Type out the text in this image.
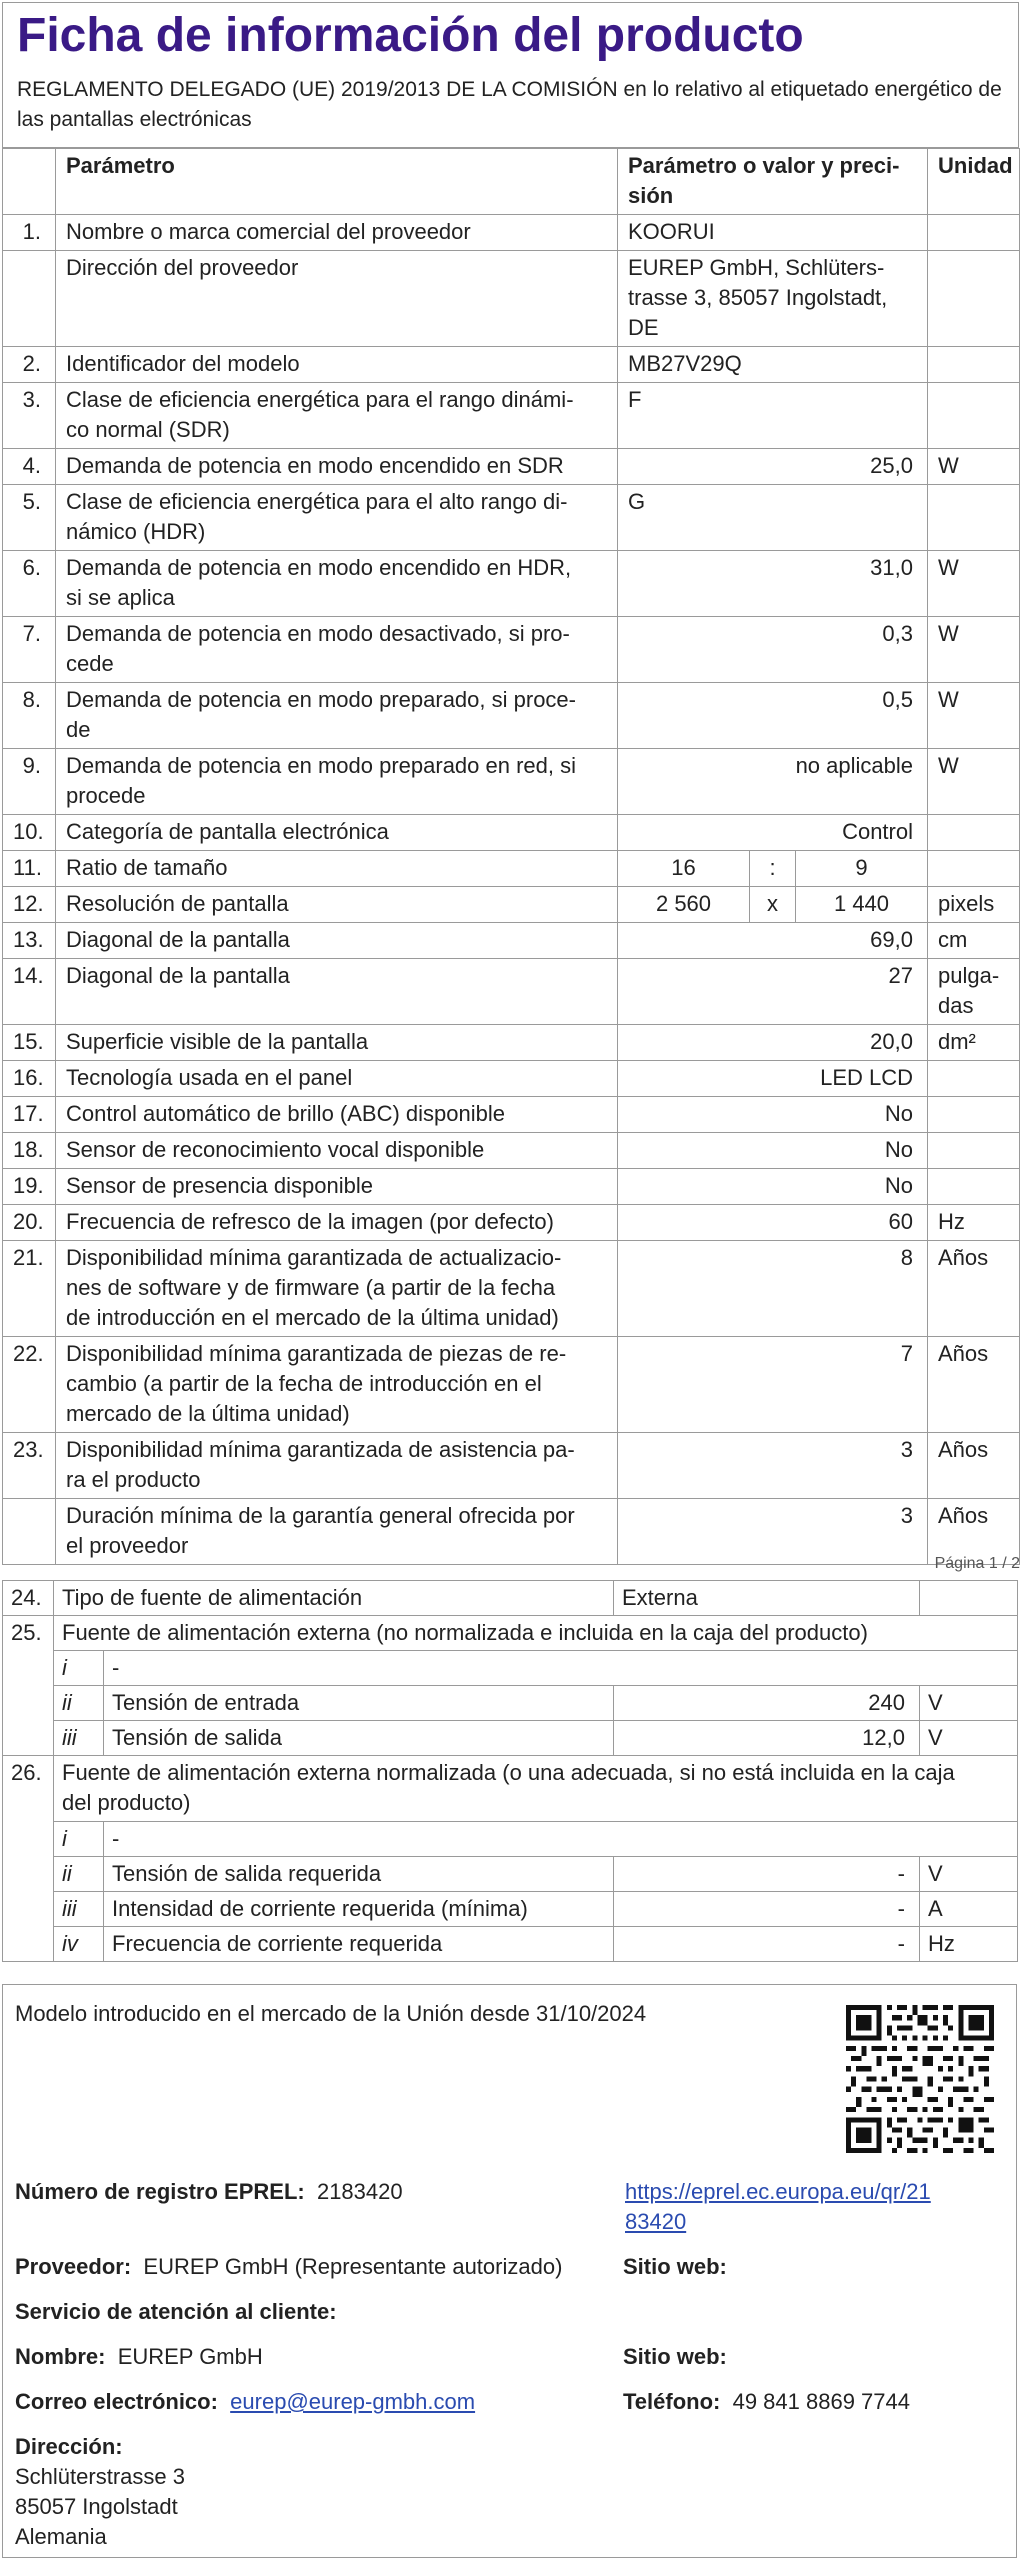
Ficha de información del producto

REGLAMENTO DELEGADO (UE) 2019/2013 DE LA COMISIÓN en lo relativo al etiquetado energético de las pantallas electrónicas

	Parámetro	Parámetro o valor y preci-
sión			Unidad
1.	Nombre o marca comercial del proveedor	KOORUI			
	Dirección del proveedor	EUREP GmbH, Schlüters-
trasse 3, 85057 Ingolstadt,
DE			
2.	Identificador del modelo	MB27V29Q			
3.	Clase de eficiencia energética para el rango dinámi-
co normal (SDR)	F			
4.	Demanda de potencia en modo encendido en SDR	25,0			W
5.	Clase de eficiencia energética para el alto rango di-
námico (HDR)	G			
6.	Demanda de potencia en modo encendido en HDR,
si se aplica	31,0			W
7.	Demanda de potencia en modo desactivado, si pro-
cede	0,3			W
8.	Demanda de potencia en modo preparado, si proce-
de	0,5			W
9.	Demanda de potencia en modo preparado en red, si
procede	no aplicable			W
10.	Categoría de pantalla electrónica	Control			
11.	Ratio de tamaño	16	:	9	
12.	Resolución de pantalla	2 560	x	1 440	pixels
13.	Diagonal de la pantalla	69,0			cm
14.	Diagonal de la pantalla	27			pulga-
das
15.	Superficie visible de la pantalla	20,0			dm²
16.	Tecnología usada en el panel	LED LCD			
17.	Control automático de brillo (ABC) disponible	No			
18.	Sensor de reconocimiento vocal disponible	No			
19.	Sensor de presencia disponible	No			
20.	Frecuencia de refresco de la imagen (por defecto)	60			Hz
21.	Disponibilidad mínima garantizada de actualizacio-
nes de software y de firmware (a partir de la fecha
de introducción en el mercado de la última unidad)	8			Años
22.	Disponibilidad mínima garantizada de piezas de re-
cambio (a partir de la fecha de introducción en el
mercado de la última unidad)	7			Años
23.	Disponibilidad mínima garantizada de asistencia pa-
ra el producto	3			Años
	Duración mínima de la garantía general ofrecida por
el proveedor	3			Años
Página 1 / 2
24.	Tipo de fuente de alimentación		Externa	
25.	Fuente de alimentación externa (no normalizada e incluida en la caja del producto)			
	i	-		
	ii	Tensión de entrada	240	V
	iii	Tensión de salida	12,0	V
26.	Fuente de alimentación externa normalizada (o una adecuada, si no está incluida en la caja
del producto)			
	i	-		
	ii	Tensión de salida requerida	-	V
	iii	Intensidad de corriente requerida (mínima)	-	A
	iv	Frecuencia de corriente requerida	-	Hz
Modelo introducido en el mercado de la Unión desde 31/10/2024
Número de registro EPREL: 2183420	https://eprel.ec.europa.eu/qr/21
83420
Proveedor: EUREP GmbH (Representante autorizado)	Sitio web:
Servicio de atención al cliente:
Nombre: EUREP GmbH	Sitio web:
Correo electrónico: eurep@eurep-gmbh.com	Teléfono: 49 841 8869 7744
Dirección:
Schlüterstrasse 3
85057 Ingolstadt
Alemania
